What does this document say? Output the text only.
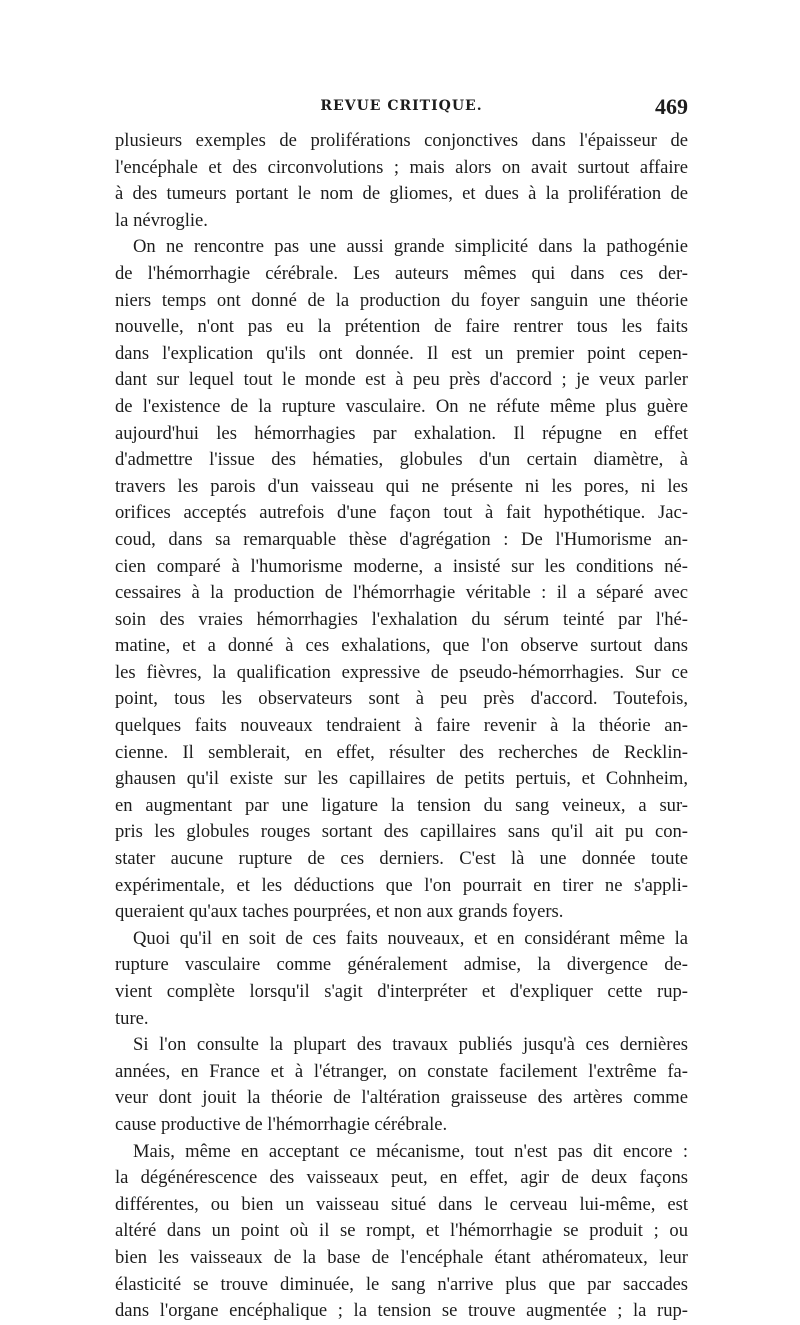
REVUE CRITIQUE.	469
plusieurs exemples de proliférations conjonctives dans l'épaisseur de
l'encéphale et des circonvolutions ; mais alors on avait surtout affaire
à des tumeurs portant le nom de gliomes, et dues à la prolifération de
la névroglie.
On ne rencontre pas une aussi grande simplicité dans la pathogénie
de l'hémorrhagie cérébrale. Les auteurs mêmes qui dans ces der-
niers temps ont donné de la production du foyer sanguin une théorie
nouvelle, n'ont pas eu la prétention de faire rentrer tous les faits
dans l'explication qu'ils ont donnée. Il est un premier point cepen-
dant sur lequel tout le monde est à peu près d'accord ; je veux parler
de l'existence de la rupture vasculaire. On ne réfute même plus guère
aujourd'hui les hémorrhagies par exhalation. Il répugne en effet
d'admettre l'issue des hématies, globules d'un certain diamètre, à
travers les parois d'un vaisseau qui ne présente ni les pores, ni les
orifices acceptés autrefois d'une façon tout à fait hypothétique. Jac-
coud, dans sa remarquable thèse d'agrégation : De l'Humorisme an-
cien comparé à l'humorisme moderne, a insisté sur les conditions né-
cessaires à la production de l'hémorrhagie véritable : il a séparé avec
soin des vraies hémorrhagies l'exhalation du sérum teinté par l'hé-
matine, et a donné à ces exhalations, que l'on observe surtout dans
les fièvres, la qualification expressive de pseudo-hémorrhagies. Sur ce
point, tous les observateurs sont à peu près d'accord. Toutefois,
quelques faits nouveaux tendraient à faire revenir à la théorie an-
cienne. Il semblerait, en effet, résulter des recherches de Recklin-
ghausen qu'il existe sur les capillaires de petits pertuis, et Cohnheim,
en augmentant par une ligature la tension du sang veineux, a sur-
pris les globules rouges sortant des capillaires sans qu'il ait pu con-
stater aucune rupture de ces derniers. C'est là une donnée toute
expérimentale, et les déductions que l'on pourrait en tirer ne s'appli-
queraient qu'aux taches pourprées, et non aux grands foyers.
Quoi qu'il en soit de ces faits nouveaux, et en considérant même la
rupture vasculaire comme généralement admise, la divergence de-
vient complète lorsqu'il s'agit d'interpréter et d'expliquer cette rup-
ture.
Si l'on consulte la plupart des travaux publiés jusqu'à ces dernières
années, en France et à l'étranger, on constate facilement l'extrême fa-
veur dont jouit la théorie de l'altération graisseuse des artères comme
cause productive de l'hémorrhagie cérébrale.
Mais, même en acceptant ce mécanisme, tout n'est pas dit encore :
la dégénérescence des vaisseaux peut, en effet, agir de deux façons
différentes, ou bien un vaisseau situé dans le cerveau lui-même, est
altéré dans un point où il se rompt, et l'hémorrhagie se produit ; ou
bien les vaisseaux de la base de l'encéphale étant athéromateux, leur
élasticité se trouve diminuée, le sang n'arrive plus que par saccades
dans l'organe encéphalique ; la tension se trouve augmentée ; la rup-
